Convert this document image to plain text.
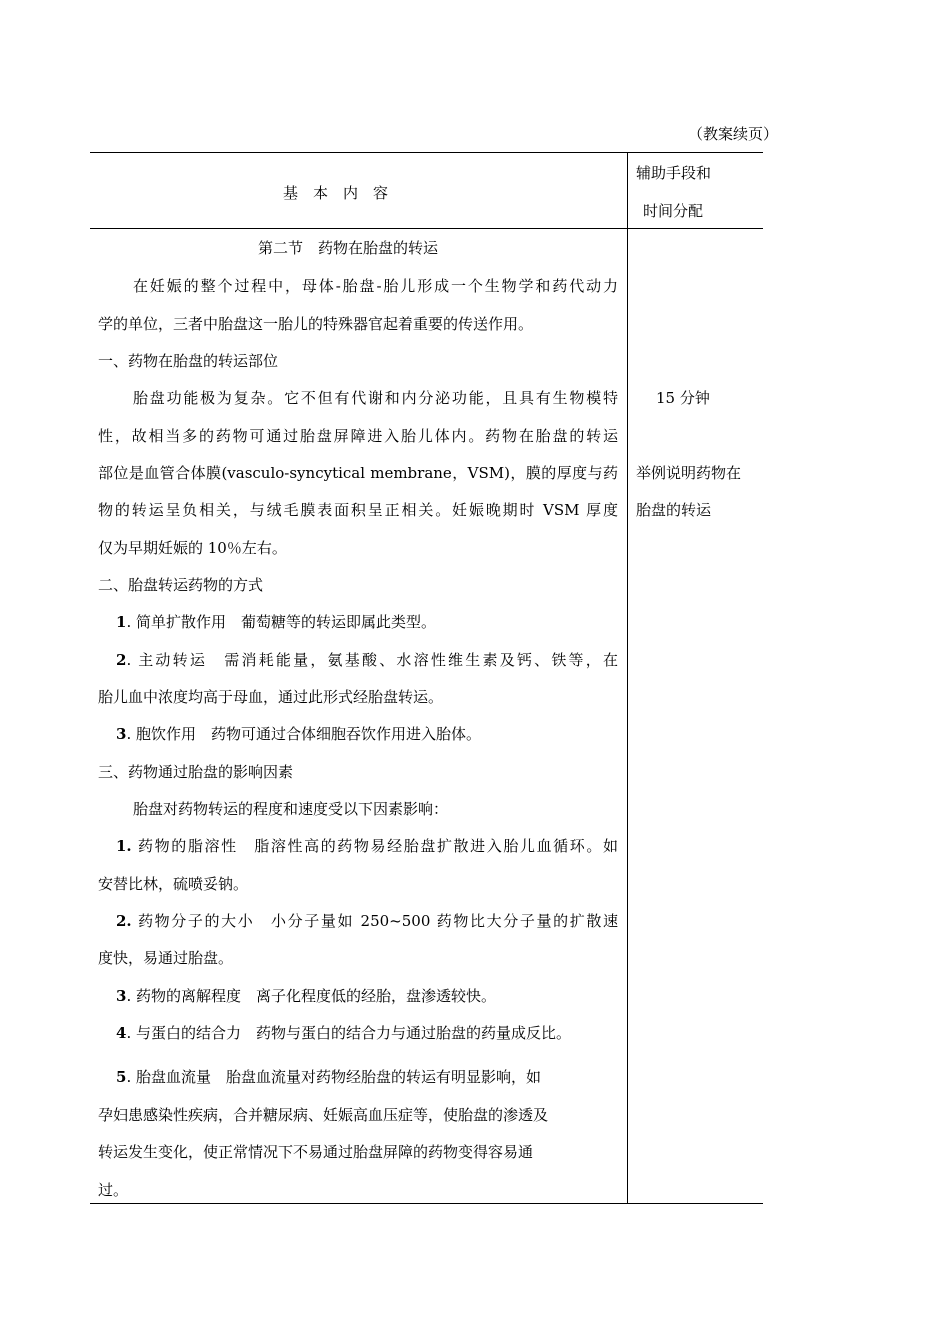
（教案续页）
基　本　内　容
辅助手段和
时间分配
第二节　药物在胎盘的转运
在妊娠的整个过程中，母体-胎盘-胎儿形成一个生物学和药代动力
学的单位，三者中胎盘这一胎儿的特殊器官起着重要的传送作用。
一、药物在胎盘的转运部位
胎盘功能极为复杂。它不但有代谢和内分泌功能，且具有生物模特
性，故相当多的药物可通过胎盘屏障进入胎儿体内。药物在胎盘的转运
部位是血管合体膜(vasculo-syncytical membrane，VSM)，膜的厚度与药
物的转运呈负相关，与绒毛膜表面积呈正相关。妊娠晚期时 VSM 厚度
仅为早期妊娠的 10％左右。
二、胎盘转运药物的方式
1. 简单扩散作用　葡萄糖等的转运即属此类型。
2. 主动转运　需消耗能量，氨基酸、水溶性维生素及钙、铁等，在
胎儿血中浓度均高于母血，通过此形式经胎盘转运。
3. 胞饮作用　药物可通过合体细胞吞饮作用进入胎体。
三、药物通过胎盘的影响因素
胎盘对药物转运的程度和速度受以下因素影响：
1. 药物的脂溶性　脂溶性高的药物易经胎盘扩散进入胎儿血循环。如
安替比林，硫喷妥钠。
2. 药物分子的大小　小分子量如 250~500 药物比大分子量的扩散速
度快，易通过胎盘。
3. 药物的离解程度　离子化程度低的经胎，盘渗透较快。
4. 与蛋白的结合力　药物与蛋白的结合力与通过胎盘的药量成反比。
5. 胎盘血流量　胎盘血流量对药物经胎盘的转运有明显影响，如
孕妇患感染性疾病，合并糖尿病、妊娠高血压症等，使胎盘的渗透及
转运发生变化，使正常情况下不易通过胎盘屏障的药物变得容易通
过。
15 分钟
举例说明药物在
胎盘的转运
